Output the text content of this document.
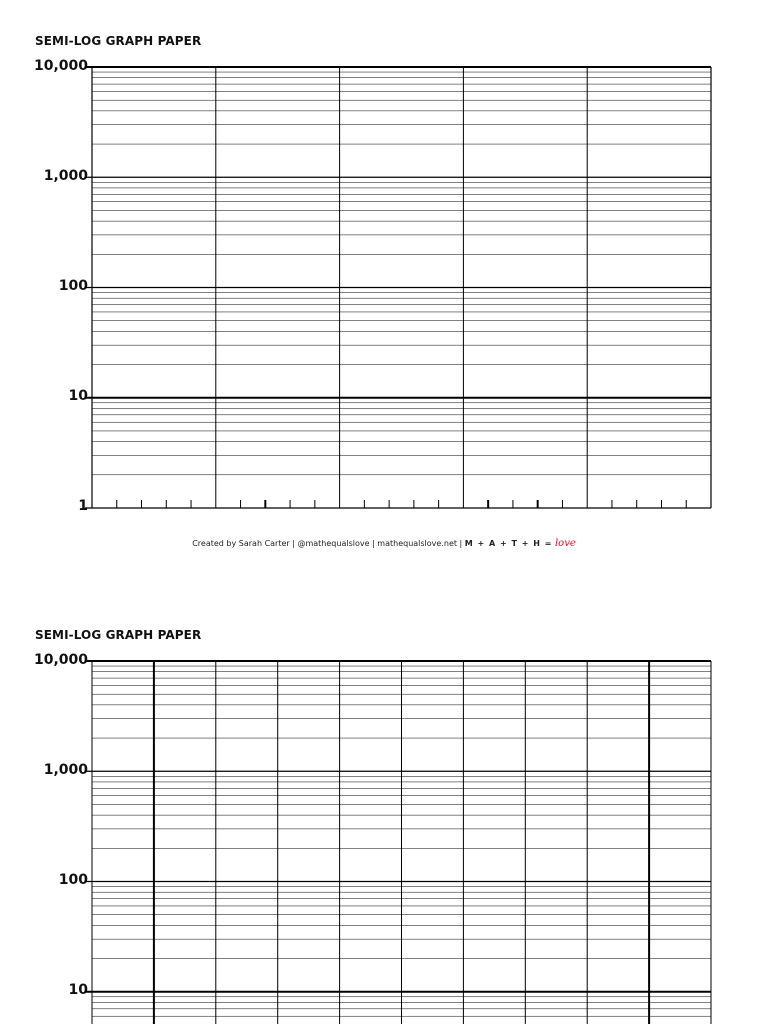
SEMI-LOG GRAPH PAPER
10,000
1,000
100
10
1
Created by Sarah Carter | @mathequalslove | mathequalslove.net | M + A + T + H = love
SEMI-LOG GRAPH PAPER
10,000
1,000
100
10
